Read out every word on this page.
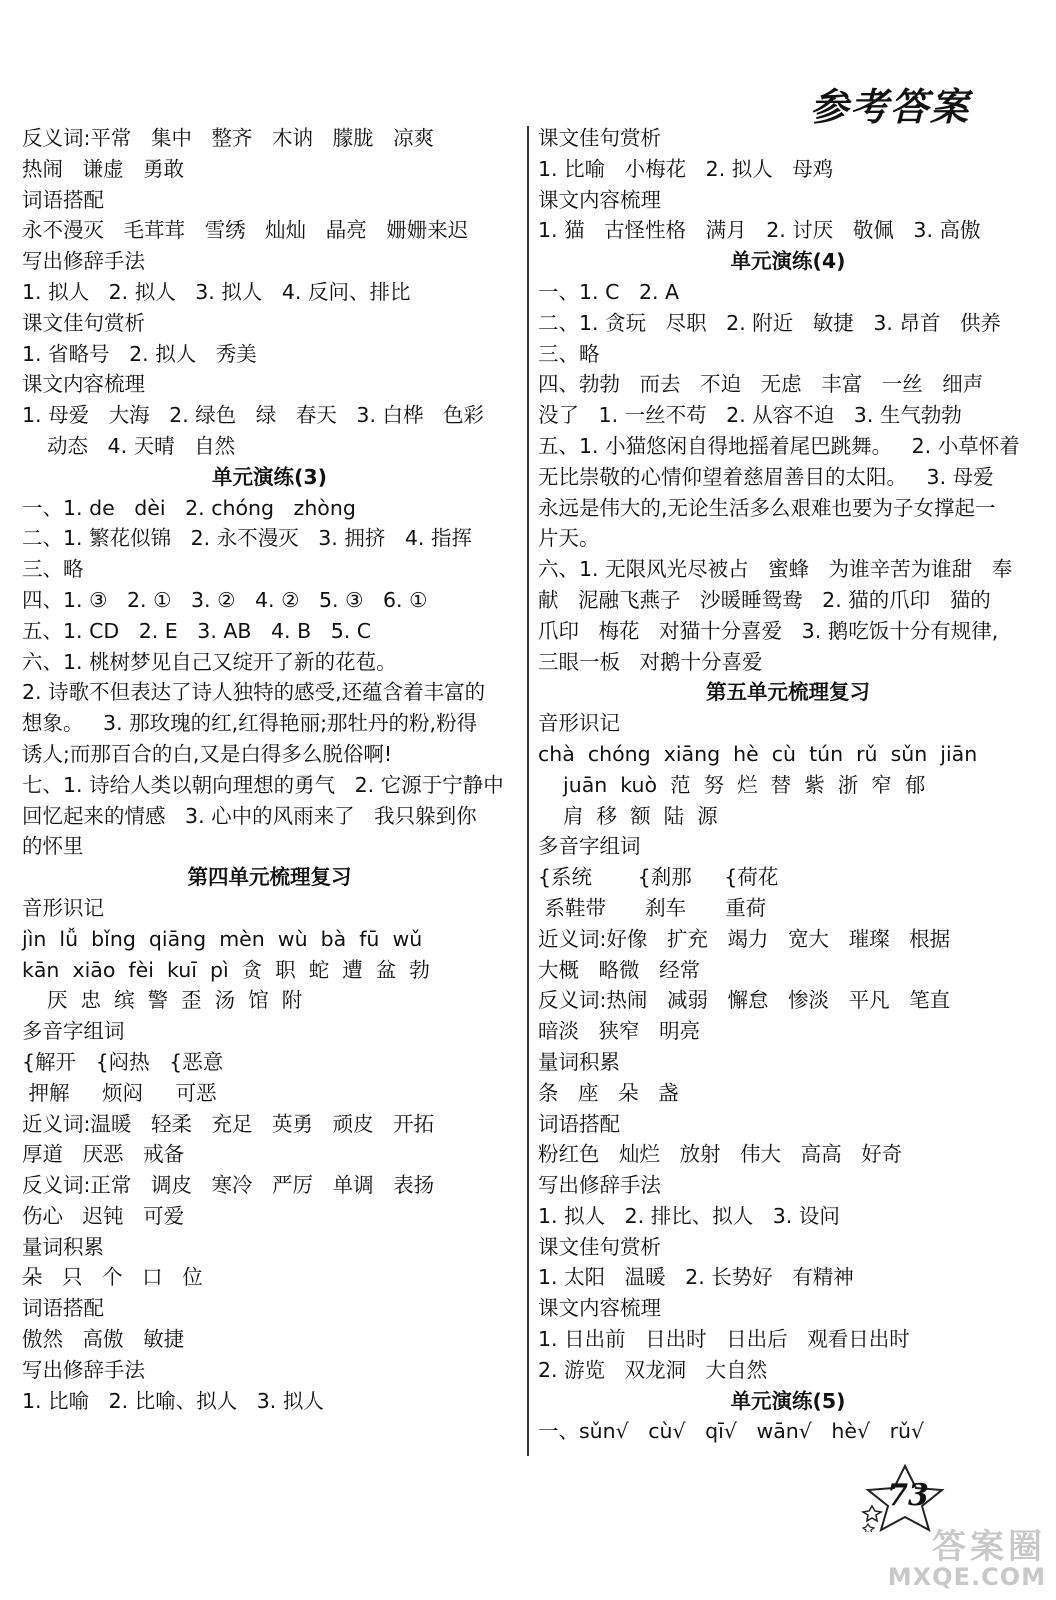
参考答案
反义词:平常   集中   整齐   木讷   朦胧   凉爽
热闹   谦虚   勇敢
词语搭配
永不漫灭   毛茸茸   雪绣   灿灿   晶亮   姗姗来迟
写出修辞手法
1. 拟人   2. 拟人   3. 拟人   4. 反问、排比
课文佳句赏析
1. 省略号   2. 拟人   秀美
课文内容梳理
1. 母爱   大海   2. 绿色   绿   春天   3. 白桦   色彩
动态   4. 天晴   自然
单元演练(3)
一、1. de   dèi   2. chóng   zhòng
二、1. 繁花似锦   2. 永不漫灭   3. 拥挤   4. 指挥
三、略
四、1. ③   2. ①   3. ②   4. ②   5. ③   6. ①
五、1. CD   2. E   3. AB   4. B   5. C
六、1. 桃树梦见自己又绽开了新的花苞。
2. 诗歌不但表达了诗人独特的感受,还蕴含着丰富的
想象。   3. 那玫瑰的红,红得艳丽;那牡丹的粉,粉得
诱人;而那百合的白,又是白得多么脱俗啊!
七、1. 诗给人类以朝向理想的勇气   2. 它源于宁静中
回忆起来的情感   3. 心中的风雨来了   我只躲到你
的怀里
第四单元梳理复习
音形识记
jìn  lǚ  bǐng  qiāng  mèn  wù  bà  fū  wǔ
kān  xiāo  fèi  kuī  pì  贪  职  蛇  遭  盆  勃
厌  忠  缤  警  歪  汤  馆  附
多音字组词
{解开   {闷热   {恶意
押解     烦闷     可恶
近义词:温暖   轻柔   充足   英勇   顽皮   开拓
厚道   厌恶   戒备
反义词:正常   调皮   寒冷   严厉   单调   表扬
伤心   迟钝   可爱
量词积累
朵   只   个   口   位
词语搭配
傲然   高傲   敏捷
写出修辞手法
1. 比喻   2. 比喻、拟人   3. 拟人
课文佳句赏析
1. 比喻   小梅花   2. 拟人   母鸡
课文内容梳理
1. 猫   古怪性格   满月   2. 讨厌   敬佩   3. 高傲
单元演练(4)
一、1. C   2. A
二、1. 贪玩   尽职   2. 附近   敏捷   3. 昂首   供养
三、略
四、勃勃   而去   不迫   无虑   丰富   一丝   细声
没了   1. 一丝不苟   2. 从容不迫   3. 生气勃勃
五、1. 小猫悠闲自得地摇着尾巴跳舞。   2. 小草怀着
无比崇敬的心情仰望着慈眉善目的太阳。   3. 母爱
永远是伟大的,无论生活多么艰难也要为子女撑起一
片天。
六、1. 无限风光尽被占   蜜蜂   为谁辛苦为谁甜   奉
献   泥融飞燕子   沙暖睡鸳鸯   2. 猫的爪印   猫的
爪印   梅花   对猫十分喜爱   3. 鹅吃饭十分有规律,
三眼一板   对鹅十分喜爱
第五单元梳理复习
音形识记
chà  chóng  xiāng  hè  cù  tún  rǔ  sǔn  jiān
juān  kuò  范  努  烂  替  紫  浙  窄  郁
肩  移  额  陆  源
多音字组词
{系统       {刹那     {荷花
系鞋带      刹车      重荷
近义词:好像   扩充   竭力   宽大   璀璨   根据
大概   略微   经常
反义词:热闹   减弱   懈怠   惨淡   平凡   笔直
暗淡   狭窄   明亮
量词积累
条   座   朵   盏
词语搭配
粉红色   灿烂   放射   伟大   高高   好奇
写出修辞手法
1. 拟人   2. 排比、拟人   3. 设问
课文佳句赏析
1. 太阳   温暖   2. 长势好   有精神
课文内容梳理
1. 日出前   日出时   日出后   观看日出时
2. 游览   双龙洞   大自然
单元演练(5)
一、sǔn√   cù√   qī√   wān√   hè√   rǔ√
73
答案圈
MXQE.COM
